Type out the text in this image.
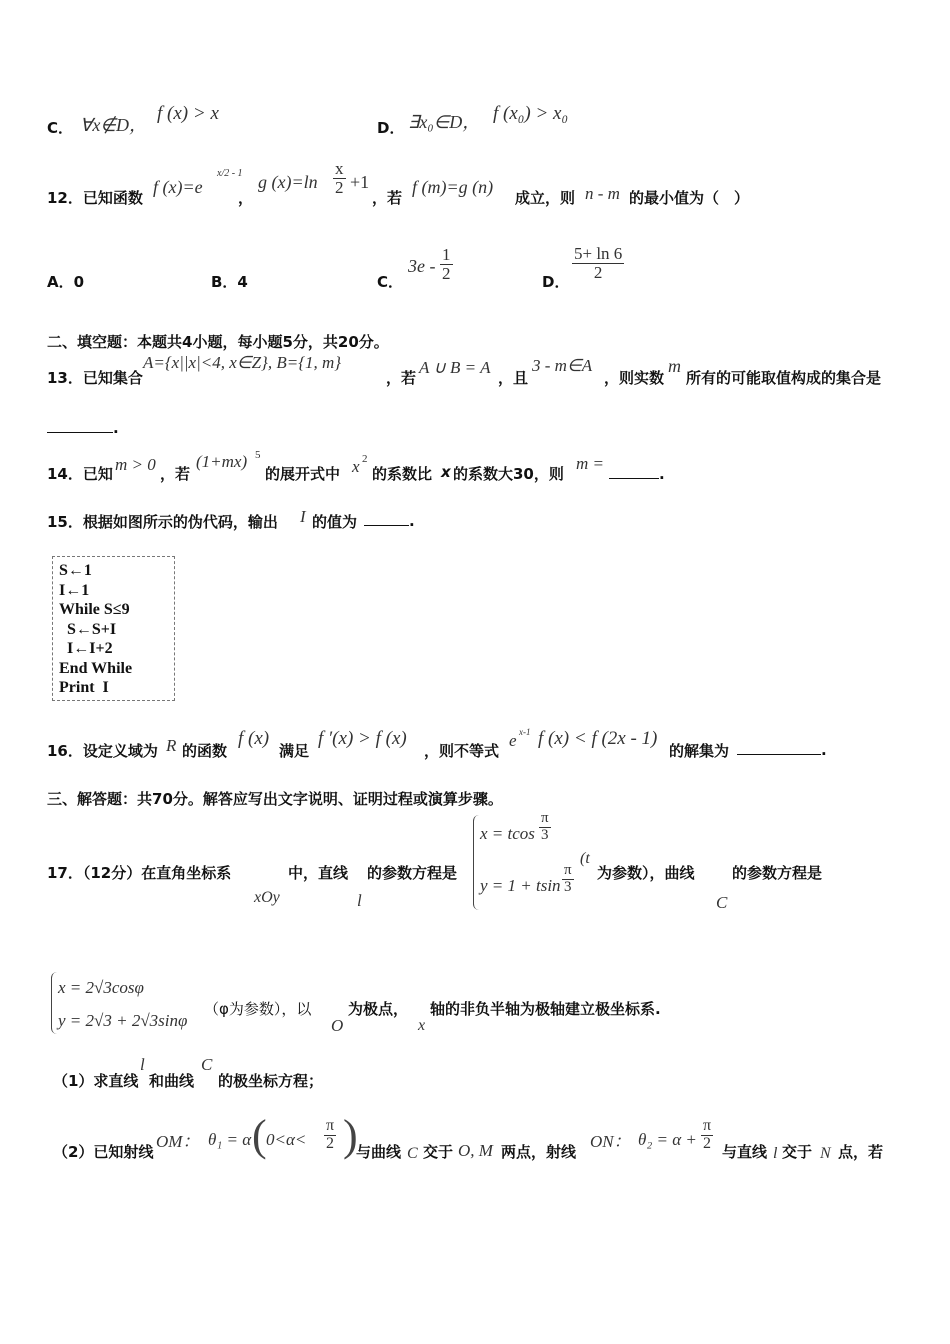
C． ∀x∉D，
f (x) > x
D． ∃x₀∈D， f (x₀) > x₀
12．已知函数
f (x)=e
x/2 - 1
，
g (x)=ln
x
2 +1
，若
f (m)=g (n)
成立，则 n - m 的最小值为（　）
A．0	B．4	C．
3e -
1
2	D．
5+ ln 6
2
二、填空题：本题共4小题，每小题5分，共20分。
13．已知集合
A={x||x|<4, x∈Z}, B={1, m}
，若
A ∪ B = A
，且
3 - m∈A
，则实数
m
所有的可能取值构成的集合是
.
14．已知 m > 0 ，若
(1+mx) 5
的展开式中 x 2
的系数比 x 的系数大30，则
m =
.
15．根据如图所示的伪代码，输出 I 的值为	.
S←1
I←1
While S≤9
S←S+I
I←I+2
End While
Print  I
16．设定义域为 R 的函数
f (x)
满足
f ′(x) > f (x)
，则不等式
e x-1 f (x) < f (2x - 1)
的解集为	.
三、解答题：共70分。解答应写出文字说明、证明过程或演算步骤。
17．（12分）在直角坐标系
xOy
中，直线
l
的参数方程是
x = tcos
π
3
y = 1 + tsin
π
3
(t
为参数），曲线
C
的参数方程是
x = 2√3cosφ
y = 2√3 + 2√3sinφ
（φ为参数），以
O
为极点，
x
轴的非负半轴为极轴建立极坐标系.
（1）求直线
l
和曲线
C
的极坐标方程；
（2）已知射线
OM： θ₁ = α ( 0<α<
π
2 )
与曲线 C 交于 O, M 两点，射线
ON： θ₂ = α +
π
2 与直线 l 交于 N 点，若
